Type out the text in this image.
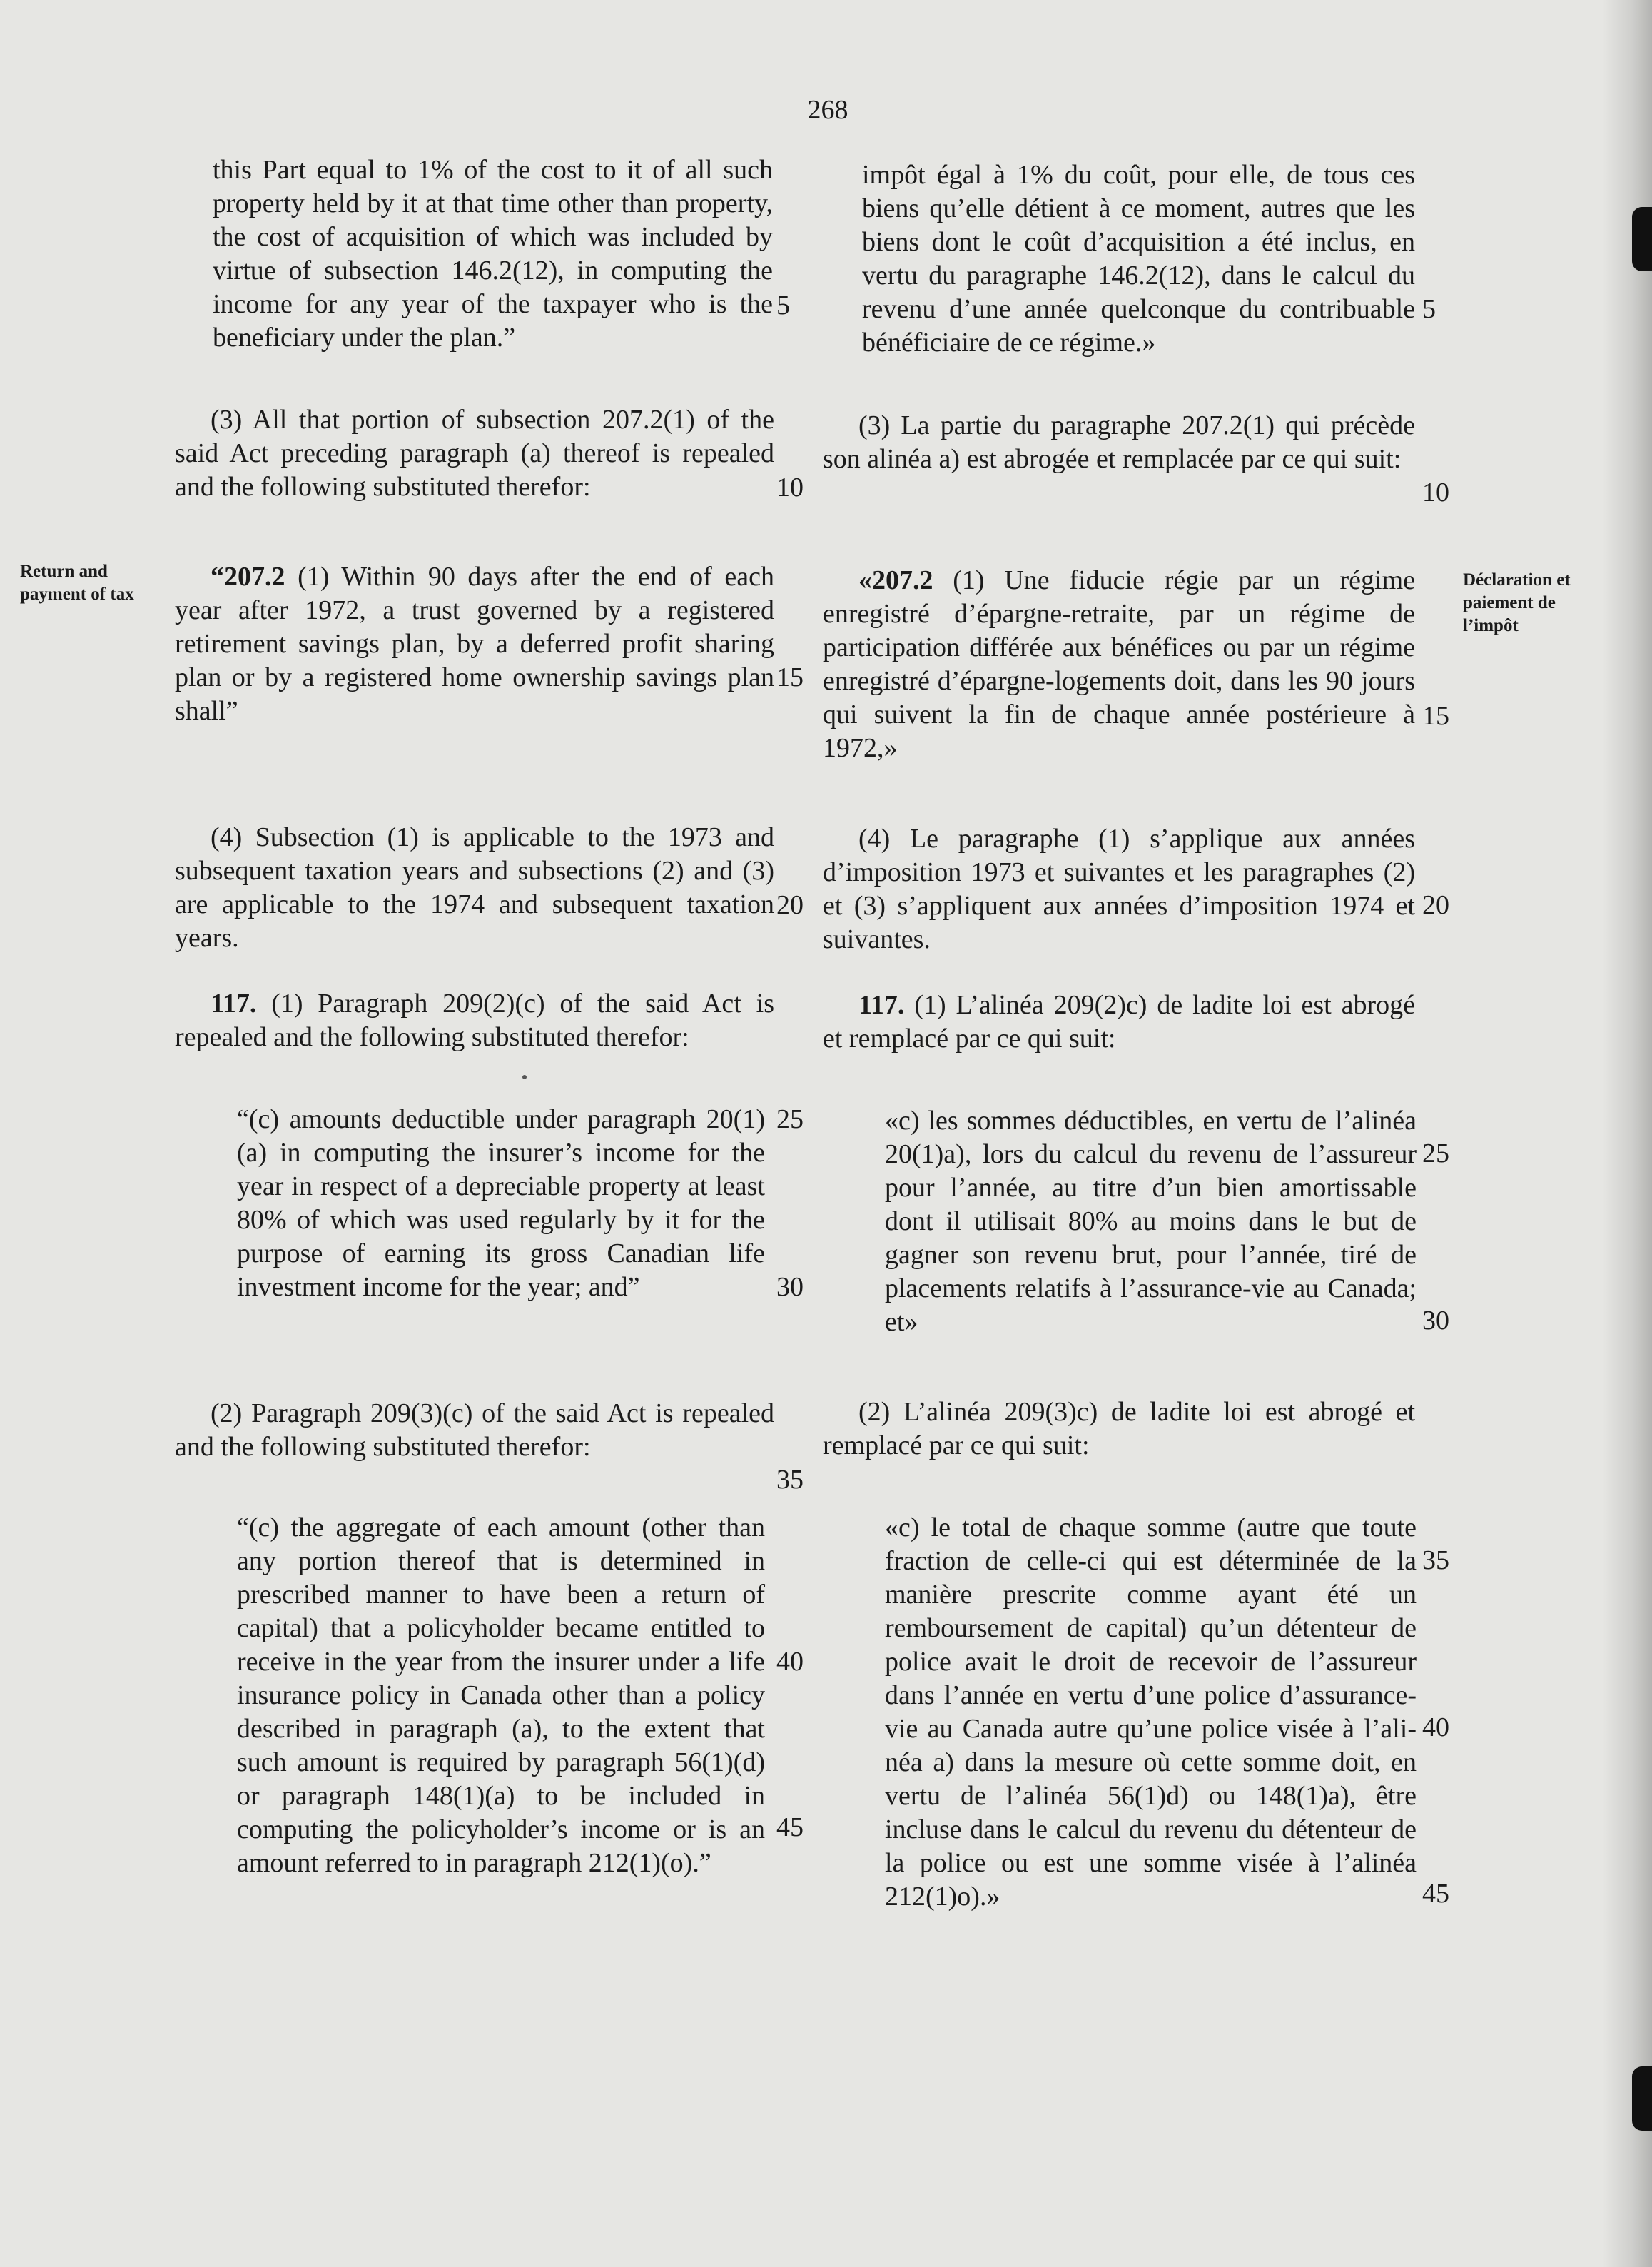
268
Return and payment of tax
Déclaration et paiement de l’impôt
this Part equal to 1% of the cost to it of all such property held by it at that time other than property, the cost of acquisition of which was included by virtue of subsection 146.2(12), in computing the income for any year of the taxpayer who is the beneficiary under the plan.”
(3) All that portion of subsection 207.2(1) of the said Act preceding paragraph (a) thereof is repealed and the following substituted therefor:
“207.2 (1) Within 90 days after the end of each year after 1972, a trust governed by a registered retirement savings plan, by a deferred profit sharing plan or by a registered home ownership savings plan shall”
(4) Subsection (1) is applicable to the 1973 and subsequent taxation years and subsections (2) and (3) are applicable to the 1974 and subsequent taxation years.
117. (1) Paragraph 209(2)(c) of the said Act is repealed and the following substituted therefor:
“(c) amounts deductible under paragraph 20(1)(a) in computing the insurer’s income for the year in respect of a depreciable property at least 80% of which was used regularly by it for the purpose of earning its gross Canadian life investment income for the year; and”
(2) Paragraph 209(3)(c) of the said Act is repealed and the following substituted therefor:
“(c) the aggregate of each amount (other than any portion thereof that is determined in prescribed manner to have been a return of capital) that a policyholder became entitled to receive in the year from the insurer under a life insurance policy in Canada other than a policy described in paragraph (a), to the extent that such amount is required by paragraph 56(1)(d) or paragraph 148(1)(a) to be included in computing the policyholder’s income or is an amount referred to in paragraph 212(1)(o).”
impôt égal à 1% du coût, pour elle, de tous ces biens qu’elle détient à ce moment, autres que les biens dont le coût d’acquisition a été inclus, en vertu du paragraphe 146.2(12), dans le calcul du revenu d’une année quelconque du contribuable bénéficiaire de ce régime.»
(3) La partie du paragraphe 207.2(1) qui précède son alinéa a) est abrogée et remplacée par ce qui suit:
«207.2 (1) Une fiducie régie par un régime enregistré d’épargne-retraite, par un régime de participation différée aux bénéfices ou par un régime enregistré d’épargne-logements doit, dans les 90 jours qui suivent la fin de chaque année postérieure à 1972,»
(4) Le paragraphe (1) s’applique aux années d’imposition 1973 et suivantes et les paragraphes (2) et (3) s’appliquent aux années d’imposition 1974 et suivantes.
117. (1) L’alinéa 209(2)c) de ladite loi est abrogé et remplacé par ce qui suit:
«c) les sommes déductibles, en vertu de l’alinéa 20(1)a), lors du calcul du revenu de l’assureur pour l’année, au titre d’un bien amortissable dont il utilisait 80% au moins dans le but de gagner son revenu brut, pour l’année, tiré de placements relatifs à l’assurance-vie au Canada; et»
(2) L’alinéa 209(3)c) de ladite loi est abrogé et remplacé par ce qui suit:
«c) le total de chaque somme (autre que toute fraction de celle-ci qui est déterminée de la manière prescrite comme ayant été un remboursement de capital) qu’un détenteur de police avait le droit de recevoir de l’assureur dans l’année en vertu d’une police d’assurance-vie au Canada autre qu’une police visée à l’alinéa a) dans la mesure où cette somme doit, en vertu de l’alinéa 56(1)d) ou 148(1)a), être incluse dans le calcul du revenu du détenteur de la police ou est une somme visée à l’alinéa 212(1)o).»
5
10
15
20
25
30
35
40
45
5
10
15
20
25
30
35
40
45
